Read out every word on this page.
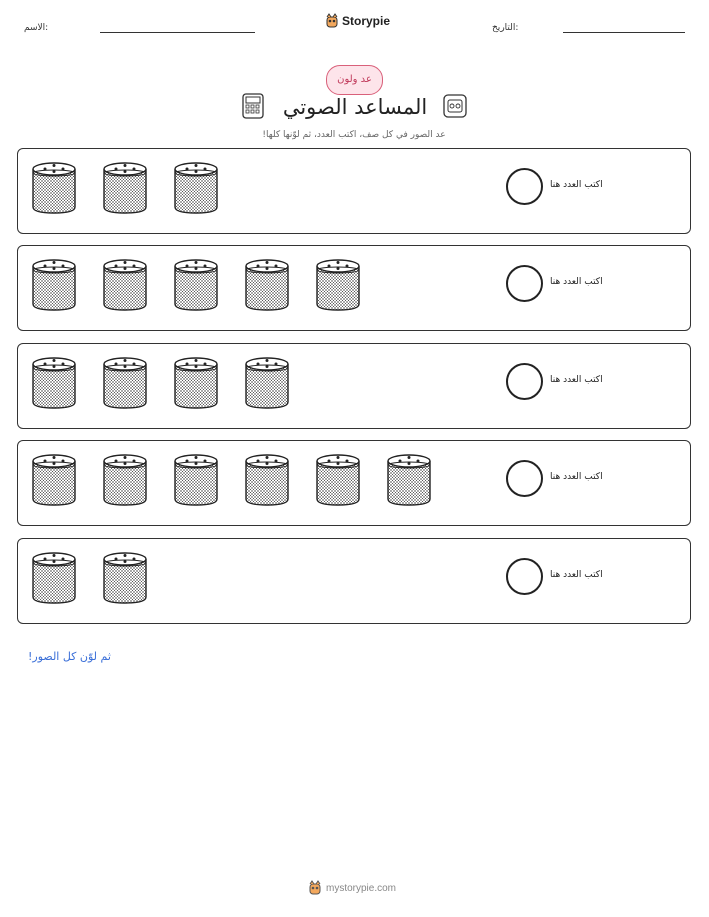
الاسم:	Storypie	التاريخ:
عد ولون
المساعد الصوتي
عد الصور في كل صف، اكتب العدد، ثم لوّنها كلها!
اكتب العدد هنا
اكتب العدد هنا
اكتب العدد هنا
اكتب العدد هنا
اكتب العدد هنا
ثم لوّن كل الصور!
mystorypie.com
